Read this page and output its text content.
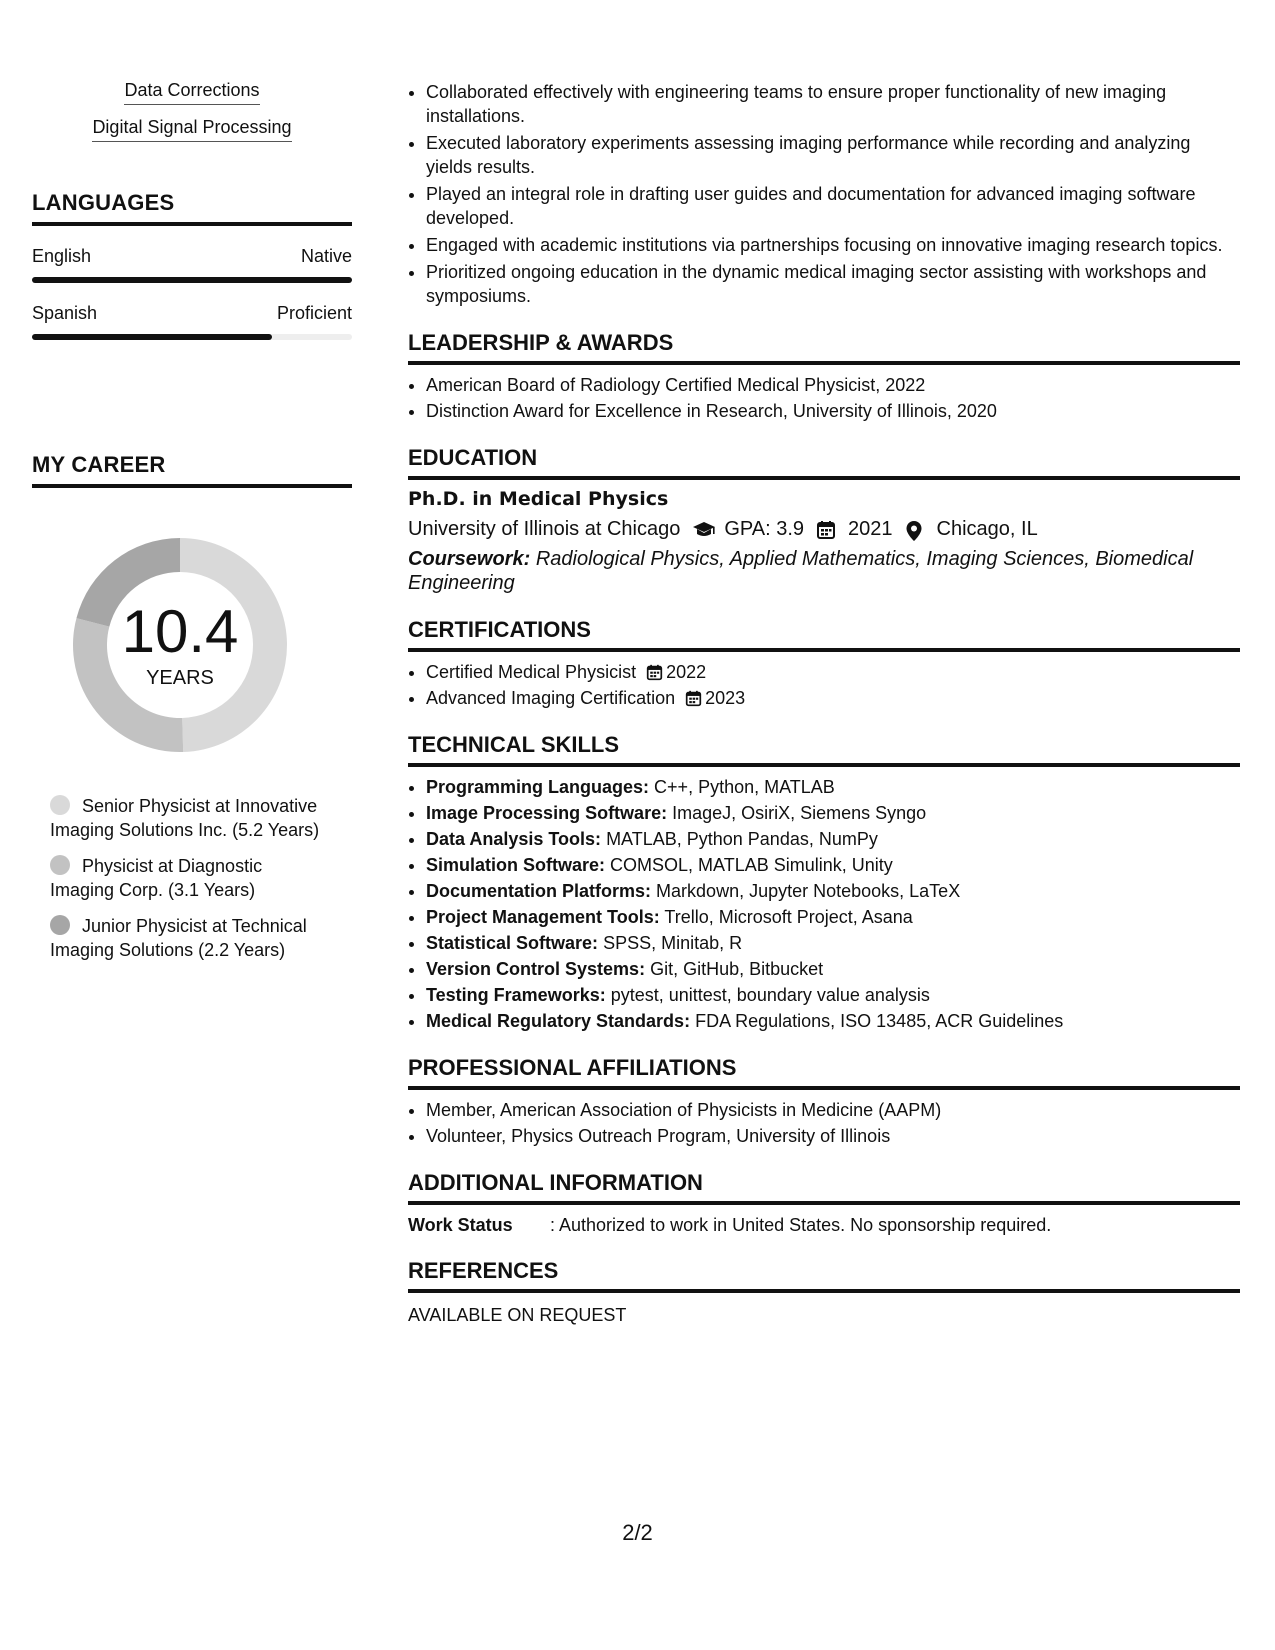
Data Corrections
Digital Signal Processing
LANGUAGES
English	Native
Spanish	Proficient
MY CAREER
10.4
YEARS
Senior Physicist at Innovative Imaging Solutions Inc. (5.2 Years)
Physicist at Diagnostic Imaging Corp. (3.1 Years)
Junior Physicist at Technical Imaging Solutions (2.2 Years)
• Collaborated effectively with engineering teams to ensure proper functionality of new imaging installations.
• Executed laboratory experiments assessing imaging performance while recording and analyzing yields results.
• Played an integral role in drafting user guides and documentation for advanced imaging software developed.
• Engaged with academic institutions via partnerships focusing on innovative imaging research topics.
• Prioritized ongoing education in the dynamic medical imaging sector assisting with workshops and symposiums.
LEADERSHIP & AWARDS
• American Board of Radiology Certified Medical Physicist, 2022
• Distinction Award for Excellence in Research, University of Illinois, 2020
EDUCATION
Ph.D. in Medical Physics
University of Illinois at Chicago GPA: 3.9 2021 Chicago, IL
Coursework: Radiological Physics, Applied Mathematics, Imaging Sciences, Biomedical Engineering
CERTIFICATIONS
• Certified Medical Physicist 2022
• Advanced Imaging Certification 2023
TECHNICAL SKILLS
• Programming Languages: C++, Python, MATLAB
• Image Processing Software: ImageJ, OsiriX, Siemens Syngo
• Data Analysis Tools: MATLAB, Python Pandas, NumPy
• Simulation Software: COMSOL, MATLAB Simulink, Unity
• Documentation Platforms: Markdown, Jupyter Notebooks, LaTeX
• Project Management Tools: Trello, Microsoft Project, Asana
• Statistical Software: SPSS, Minitab, R
• Version Control Systems: Git, GitHub, Bitbucket
• Testing Frameworks: pytest, unittest, boundary value analysis
• Medical Regulatory Standards: FDA Regulations, ISO 13485, ACR Guidelines
PROFESSIONAL AFFILIATIONS
• Member, American Association of Physicists in Medicine (AAPM)
• Volunteer, Physics Outreach Program, University of Illinois
ADDITIONAL INFORMATION
Work Status	: Authorized to work in United States. No sponsorship required.
REFERENCES
AVAILABLE ON REQUEST
2/2
